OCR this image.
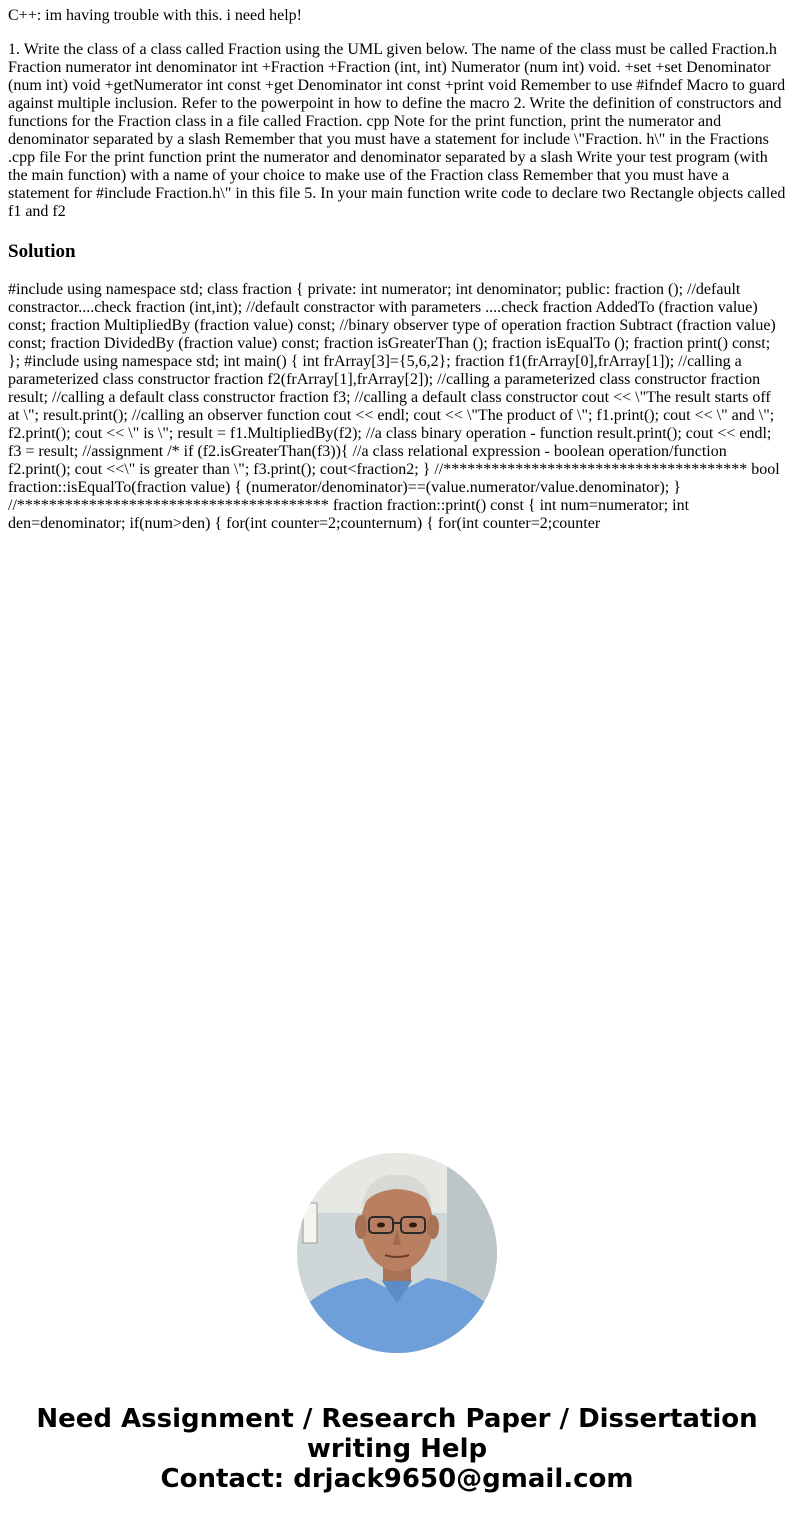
C++: im having trouble with this. i need help!

1. Write the class of a class called Fraction using the UML given below. The name of the class must be called Fraction.h Fraction numerator int denominator int +Fraction +Fraction (int, int) Numerator (num int) void. +set +set Denominator (num int) void +getNumerator int const +get Denominator int const +print void Remember to use #ifndef Macro to guard against multiple inclusion. Refer to the powerpoint in how to define the macro 2. Write the definition of constructors and functions for the Fraction class in a file called Fraction. cpp Note for the print function, print the numerator and denominator separated by a slash Remember that you must have a statement for include \"Fraction. h\" in the Fractions .cpp file For the print function print the numerator and denominator separated by a slash Write your test program (with the main function) with a name of your choice to make use of the Fraction class Remember that you must have a statement for #include Fraction.h\" in this file 5. In your main function write code to declare two Rectangle objects called f1 and f2

Solution

#include using namespace std; class fraction { private: int numerator; int denominator; public: fraction (); //default constractor....check fraction (int,int); //default constractor with parameters ....check fraction AddedTo (fraction value) const; fraction MultipliedBy (fraction value) const; //binary observer type of operation fraction Subtract (fraction value) const; fraction DividedBy (fraction value) const; fraction isGreaterThan (); fraction isEqualTo (); fraction print() const; }; #include using namespace std; int main() { int frArray[3]={5,6,2}; fraction f1(frArray[0],frArray[1]); //calling a parameterized class constructor fraction f2(frArray[1],frArray[2]); //calling a parameterized class constructor fraction result; //calling a default class constructor fraction f3; //calling a default class constructor cout << \"The result starts off at \"; result.print(); //calling an observer function cout << endl; cout << \"The product of \"; f1.print(); cout << \" and \"; f2.print(); cout << \" is \"; result = f1.MultipliedBy(f2); //a class binary operation - function result.print(); cout << endl; f3 = result; //assignment /* if (f2.isGreaterThan(f3)){ //a class relational expression - boolean operation/function f2.print(); cout <<\" is greater than \"; f3.print(); cout<fraction2; } //************************************** bool fraction::isEqualTo(fraction value) { (numerator/denominator)==(value.numerator/value.denominator); } //*************************************** fraction fraction::print() const { int num=numerator; int den=denominator; if(num>den) { for(int counter=2;counternum) { for(int counter=2;counter

Need Assignment / Research Paper / Dissertation
writing Help
Contact: drjack9650@gmail.com
